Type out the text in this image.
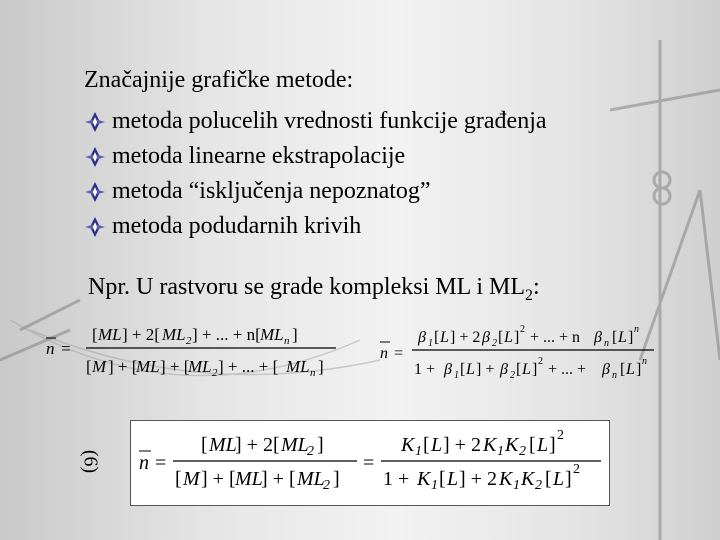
Značajnije grafičke metode:
metoda polucelih vrednosti funkcije građenja
metoda linearne ekstrapolacije
metoda “isključenja nepoznatog”
metoda podudarnih krivih
Npr. U rastvoru se grade kompleksi ML i $ML_2$:
n =
[ ML ] + 2[ ML 2 ] + ... + n[ ML n ]
[ M ] + [
ML ] + [
ML 2 ] + ... + [ ML n ]
n =
β 1 [ L ] + 2 β 2 [ L ] 2 + ... + n β n [ L ] n
1 + β 1 [ L ] + β 2 [ L ] 2 + ... + β n [ L ] n
(6) n =
[ ML
] + 2[ ML
2 ]
[ M ] + [ ML
] + [ ML
2 ]
=
K 1 [ L ] + 2 K 1 K 2 [ L ] 2
1 + K 1 [ L ] + 2 K 1 K 2 [ L ] 2
